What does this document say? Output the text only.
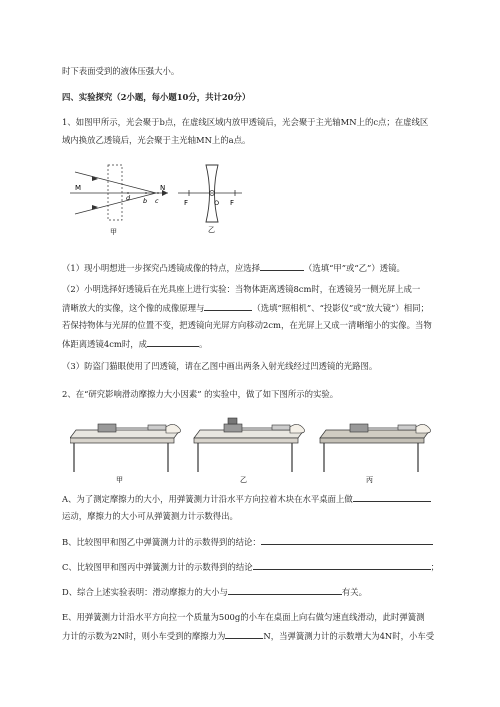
时下表面受到的液体压强大小。
四、实验探究（2小题，每小题10分，共计20分）
1、如图甲所示，光会聚于b点，在虚线区域内放甲透镜后，光会聚于主光轴MN上的c点；在虚线区
域内换放乙透镜后，光会聚于主光轴MN上的a点。
M	N
d b c
甲
F	F
O
乙
（1）现小明想进一步探究凸透镜成像的特点，应选择	（选填“甲”或“乙”）透镜。
（2）小明选择好透镜后在光具座上进行实验：当物体距离透镜8cm时，在透镜另一侧光屏上成一
清晰放大的实像，这个像的成像原理与	（选填“照相机”、“投影仪”或“放大镜”）相同；
若保持物体与光屏的位置不变，把透镜向光屏方向移动2cm，在光屏上又成一清晰缩小的实像。当物
体距离透镜4cm时，成	。
（3）防盗门猫眼使用了凹透镜，请在乙图中画出两条入射光线经过凹透镜的光路图。
2、在“研究影响滑动摩擦力大小因素” 的实验中，做了如下图所示的实验。
甲	乙	丙
A、为了测定摩擦力的大小，用弹簧测力计沿水平方向拉着木块在水平桌面上做
运动，摩擦力的大小可从弹簧测力计示数得出。
B、比较图甲和图乙中弹簧测力计的示数得到的结论：
C、比较图甲和图丙中弹簧测力计的示数得到的结论	；
D、综合上述实验表明：滑动摩擦力的大小与	有关。
E、用弹簧测力计沿水平方向拉一个质量为500g的小车在桌面上向右做匀速直线滑动，此时弹簧测
力计的示数为2N时，则小车受到的摩擦力为	N，当弹簧测力计的示数增大为4N时，小车受
